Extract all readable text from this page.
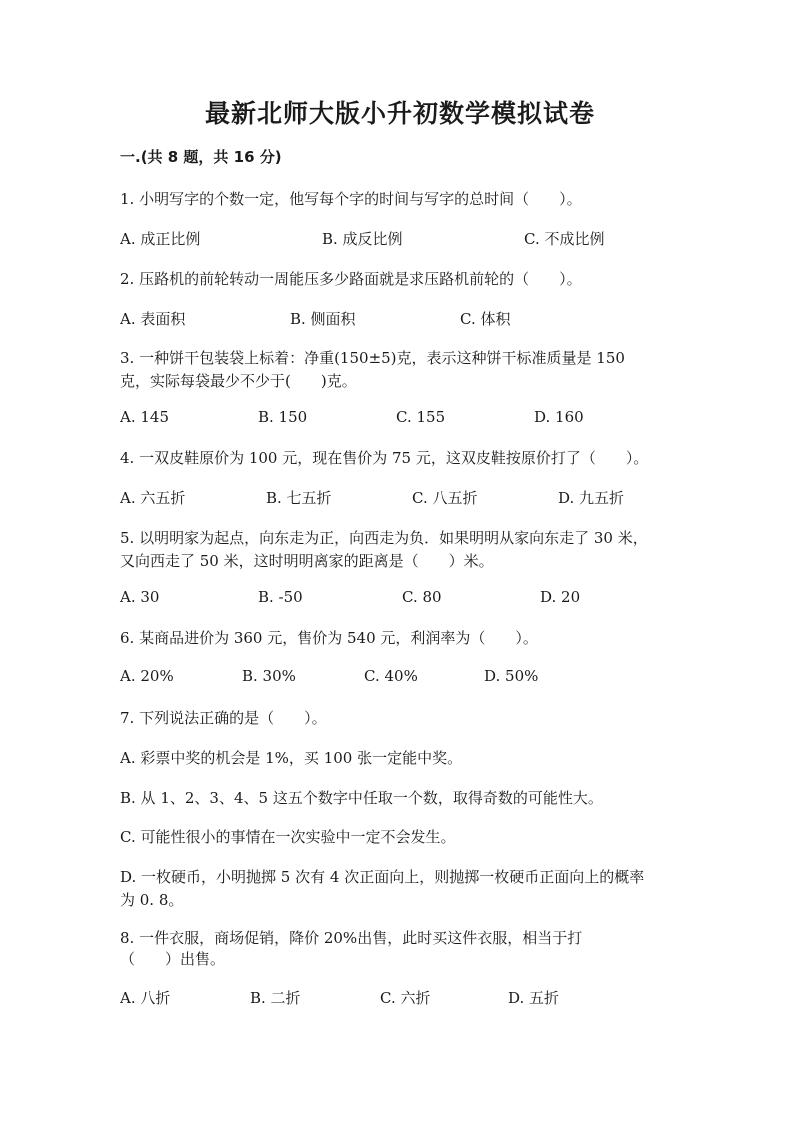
最新北师大版小升初数学模拟试卷
一.(共 8 题，共 16 分)
1. 小明写字的个数一定，他写每个字的时间与写字的总时间（　　）。
A. 成正比例	B. 成反比例	C. 不成比例
2. 压路机的前轮转动一周能压多少路面就是求压路机前轮的（　　）。
A. 表面积	B. 侧面积	C. 体积
3. 一种饼干包装袋上标着：净重(150±5)克，表示这种饼干标准质量是 150
克，实际每袋最少不少于(　　)克。
A. 145	B. 150	C. 155	D. 160
4. 一双皮鞋原价为 100 元，现在售价为 75 元，这双皮鞋按原价打了（　　）。
A. 六五折	B. 七五折	C. 八五折	D. 九五折
5. 以明明家为起点，向东走为正，向西走为负．如果明明从家向东走了 30 米，
又向西走了 50 米，这时明明离家的距离是（　　）米。
A. 30	B. -50	C. 80	D. 20
6. 某商品进价为 360 元，售价为 540 元，利润率为（　　）。
A. 20%	B. 30%	C. 40%	D. 50%
7. 下列说法正确的是（　　）。
A. 彩票中奖的机会是 1%，买 100 张一定能中奖。
B. 从 1、2、3、4、5 这五个数字中任取一个数，取得奇数的可能性大。
C. 可能性很小的事情在一次实验中一定不会发生。
D. 一枚硬币，小明抛掷 5 次有 4 次正面向上，则抛掷一枚硬币正面向上的概率
为 0. 8。
8. 一件衣服，商场促销，降价 20%出售，此时买这件衣服，相当于打
（　　）出售。
A. 八折	B. 二折	C. 六折	D. 五折
